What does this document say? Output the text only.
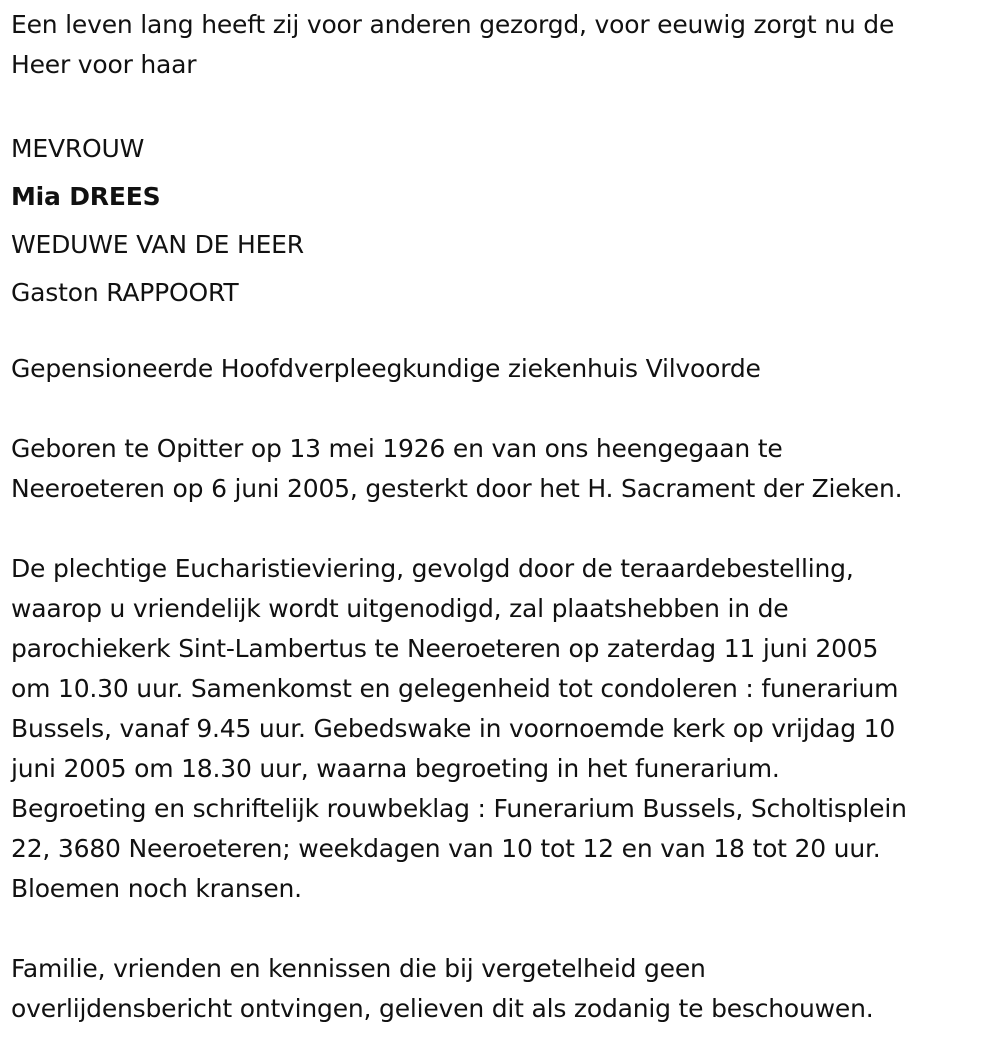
Een leven lang heeft zij voor anderen gezorgd, voor eeuwig zorgt nu de
Heer voor haar
MEVROUW
Mia DREES
WEDUWE VAN DE HEER
Gaston RAPPOORT
Gepensioneerde Hoofdverpleegkundige ziekenhuis Vilvoorde
Geboren te Opitter op 13 mei 1926 en van ons heengegaan te
Neeroeteren op 6 juni 2005, gesterkt door het H. Sacrament der Zieken.
De plechtige Eucharistieviering, gevolgd door de teraardebestelling,
waarop u vriendelijk wordt uitgenodigd, zal plaatshebben in de
parochiekerk Sint-Lambertus te Neeroeteren op zaterdag 11 juni 2005
om 10.30 uur. Samenkomst en gelegenheid tot condoleren : funerarium
Bussels, vanaf 9.45 uur. Gebedswake in voornoemde kerk op vrijdag 10
juni 2005 om 18.30 uur, waarna begroeting in het funerarium.
Begroeting en schriftelijk rouwbeklag : Funerarium Bussels, Scholtisplein
22, 3680 Neeroeteren; weekdagen van 10 tot 12 en van 18 tot 20 uur.
Bloemen noch kransen.
Familie, vrienden en kennissen die bij vergetelheid geen
overlijdensbericht ontvingen, gelieven dit als zodanig te beschouwen.
